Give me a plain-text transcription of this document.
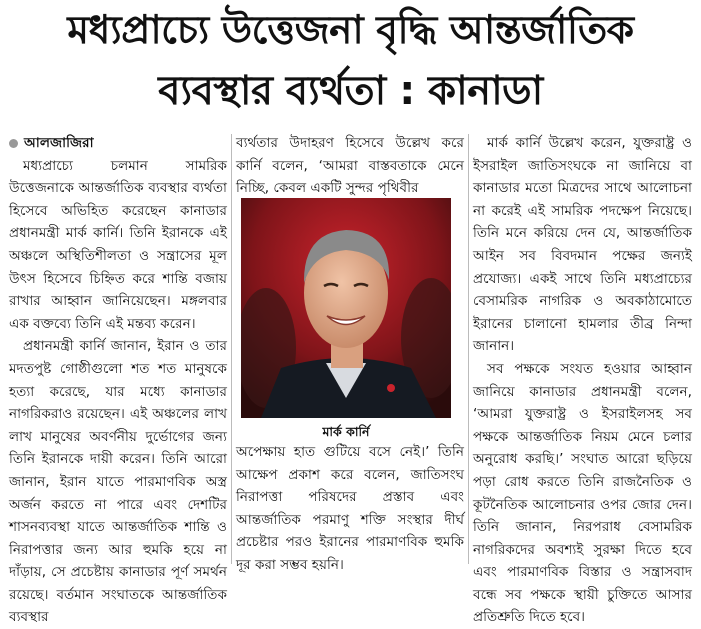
মধ্যপ্রাচ্যে উত্তেজনা বৃদ্ধি আন্তর্জাতিক
ব্যবস্থার ব্যর্থতা : কানাডা
আলজাজিরা

মধ্যপ্রাচ্যে চলমান সামরিক উত্তেজনাকে আন্তর্জাতিক ব্যবস্থার ব্যর্থতা হিসেবে অভিহিত করেছেন কানাডার প্রধানমন্ত্রী মার্ক কার্নি। তিনি ইরানকে এই অঞ্চলে অস্থিতিশীলতা ও সন্ত্রাসের মূল উৎস হিসেবে চিহ্নিত করে শান্তি বজায় রাখার আহ্বান জানিয়েছেন। মঙ্গলবার এক বক্তব্যে তিনি এই মন্তব্য করেন।

প্রধানমন্ত্রী কার্নি জানান, ইরান ও তার মদতপুষ্ট গোষ্ঠীগুলো শত শত মানুষকে হত্যা করেছে, যার মধ্যে কানাডার নাগরিকরাও রয়েছেন। এই অঞ্চলের লাখ লাখ মানুষের অবর্ণনীয় দুর্ভোগের জন্য তিনি ইরানকে দায়ী করেন। তিনি আরো জানান, ইরান যাতে পারমাণবিক অস্ত্র অর্জন করতে না পারে এবং দেশটির শাসনব্যবস্থা যাতে আন্তর্জাতিক শান্তি ও নিরাপত্তার জন্য আর হুমকি হয়ে না দাঁড়ায়, সে প্রচেষ্টায় কানাডার পূর্ণ সমর্থন রয়েছে। বর্তমান সংঘাতকে আন্তর্জাতিক ব্যবস্থার

ব্যর্থতার উদাহরণ হিসেবে উল্লেখ করে কার্নি বলেন, ‘আমরা বাস্তবতাকে মেনে নিচ্ছি, কেবল একটি সুন্দর পৃথিবীর

মার্ক কার্নি

অপেক্ষায় হাত গুটিয়ে বসে নেই।’ তিনি আক্ষেপ প্রকাশ করে বলেন, জাতিসংঘ নিরাপত্তা পরিষদের প্রস্তাব এবং আন্তর্জাতিক পরমাণু শক্তি সংস্থার দীর্ঘ প্রচেষ্টার পরও ইরানের পারমাণবিক হুমকি দূর করা সম্ভব হয়নি।

মার্ক কার্নি উল্লেখ করেন, যুক্তরাষ্ট্র ও ইসরাইল জাতিসংঘকে না জানিয়ে বা কানাডার মতো মিত্রদের সাথে আলোচনা না করেই এই সামরিক পদক্ষেপ নিয়েছে। তিনি মনে করিয়ে দেন যে, আন্তর্জাতিক আইন সব বিবদমান পক্ষের জন্যই প্রযোজ্য। একই সাথে তিনি মধ্যপ্রাচ্যের বেসামরিক নাগরিক ও অবকাঠামোতে ইরানের চালানো হামলার তীব্র নিন্দা জানান।

সব পক্ষকে সংযত হওয়ার আহ্বান জানিয়ে কানাডার প্রধানমন্ত্রী বলেন, ‘আমরা যুক্তরাষ্ট্র ও ইসরাইলসহ সব পক্ষকে আন্তর্জাতিক নিয়ম মেনে চলার অনুরোধ করছি।’ সংঘাত আরো ছড়িয়ে পড়া রোধ করতে তিনি রাজনৈতিক ও কূটনৈতিক আলোচনার ওপর জোর দেন। তিনি জানান, নিরপরাধ বেসামরিক নাগরিকদের অবশ্যই সুরক্ষা দিতে হবে এবং পারমাণবিক বিস্তার ও সন্ত্রাসবাদ বন্ধে সব পক্ষকে স্থায়ী চুক্তিতে আসার প্রতিশ্রুতি দিতে হবে।
